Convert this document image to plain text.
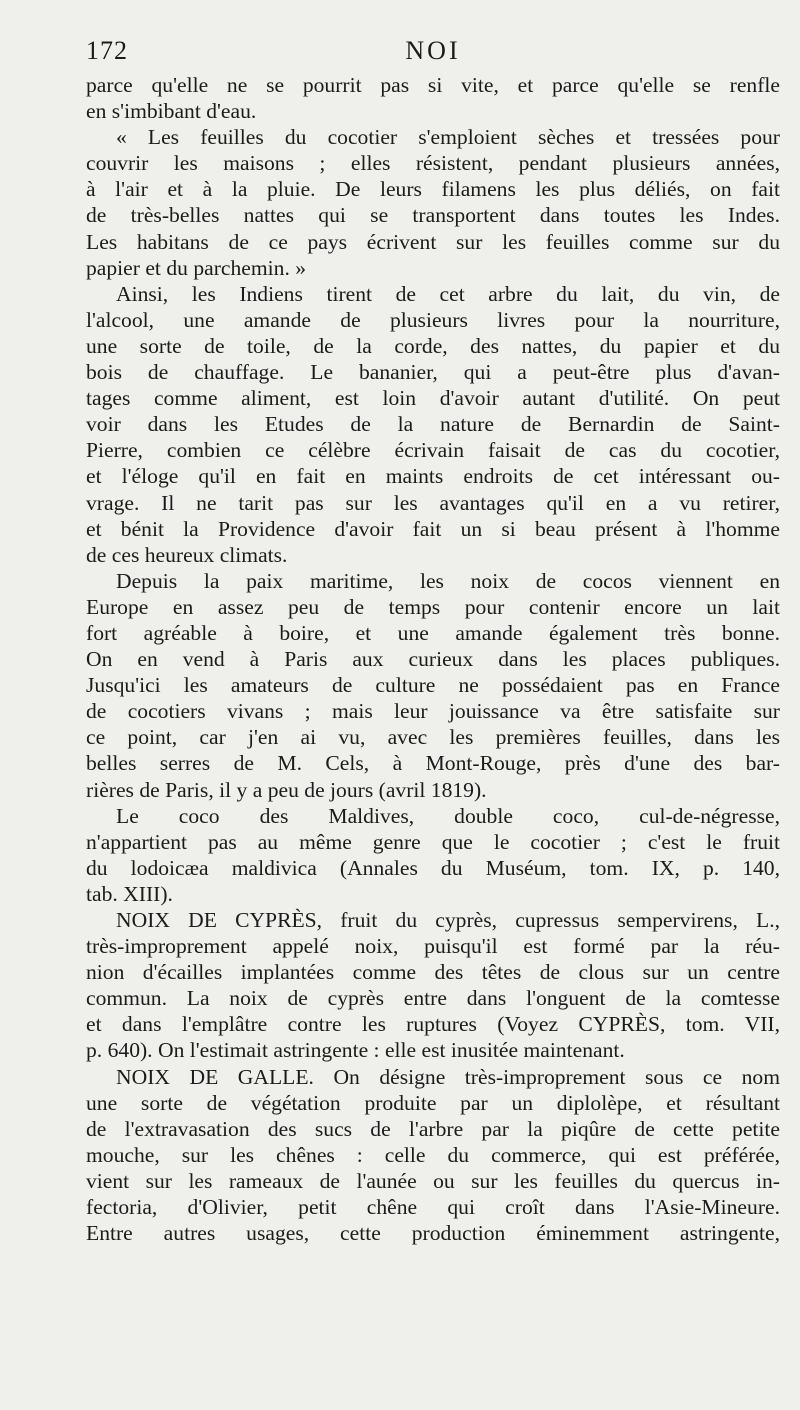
172	NOI
parce qu'elle ne se pourrit pas si vite, et parce qu'elle se renfle
en s'imbibant d'eau.
« Les feuilles du cocotier s'emploient sèches et tressées pour
couvrir les maisons ; elles résistent, pendant plusieurs années,
à l'air et à la pluie. De leurs filamens les plus déliés, on fait
de très-belles nattes qui se transportent dans toutes les Indes.
Les habitans de ce pays écrivent sur les feuilles comme sur du
papier et du parchemin. »
Ainsi, les Indiens tirent de cet arbre du lait, du vin, de
l'alcool, une amande de plusieurs livres pour la nourriture,
une sorte de toile, de la corde, des nattes, du papier et du
bois de chauffage. Le bananier, qui a peut-être plus d'avan-
tages comme aliment, est loin d'avoir autant d'utilité. On peut
voir dans les Etudes de la nature de Bernardin de Saint-
Pierre, combien ce célèbre écrivain faisait de cas du cocotier,
et l'éloge qu'il en fait en maints endroits de cet intéressant ou-
vrage. Il ne tarit pas sur les avantages qu'il en a vu retirer,
et bénit la Providence d'avoir fait un si beau présent à l'homme
de ces heureux climats.
Depuis la paix maritime, les noix de cocos viennent en
Europe en assez peu de temps pour contenir encore un lait
fort agréable à boire, et une amande également très bonne.
On en vend à Paris aux curieux dans les places publiques.
Jusqu'ici les amateurs de culture ne possédaient pas en France
de cocotiers vivans ; mais leur jouissance va être satisfaite sur
ce point, car j'en ai vu, avec les premières feuilles, dans les
belles serres de M. Cels, à Mont-Rouge, près d'une des bar-
rières de Paris, il y a peu de jours (avril 1819).
Le coco des Maldives, double coco, cul-de-négresse,
n'appartient pas au même genre que le cocotier ; c'est le fruit
du lodoicæa maldivica (Annales du Muséum, tom. IX, p. 140,
tab. XIII).
NOIX DE CYPRÈS, fruit du cyprès, cupressus sempervirens, L.,
très-improprement appelé noix, puisqu'il est formé par la réu-
nion d'écailles implantées comme des têtes de clous sur un centre
commun. La noix de cyprès entre dans l'onguent de la comtesse
et dans l'emplâtre contre les ruptures (Voyez CYPRÈS, tom. VII,
p. 640). On l'estimait astringente : elle est inusitée maintenant.
NOIX DE GALLE. On désigne très-improprement sous ce nom
une sorte de végétation produite par un diplolèpe, et résultant
de l'extravasation des sucs de l'arbre par la piqûre de cette petite
mouche, sur les chênes : celle du commerce, qui est préférée,
vient sur les rameaux de l'aunée ou sur les feuilles du quercus in-
fectoria, d'Olivier, petit chêne qui croît dans l'Asie-Mineure.
Entre autres usages, cette production éminemment astringente,
